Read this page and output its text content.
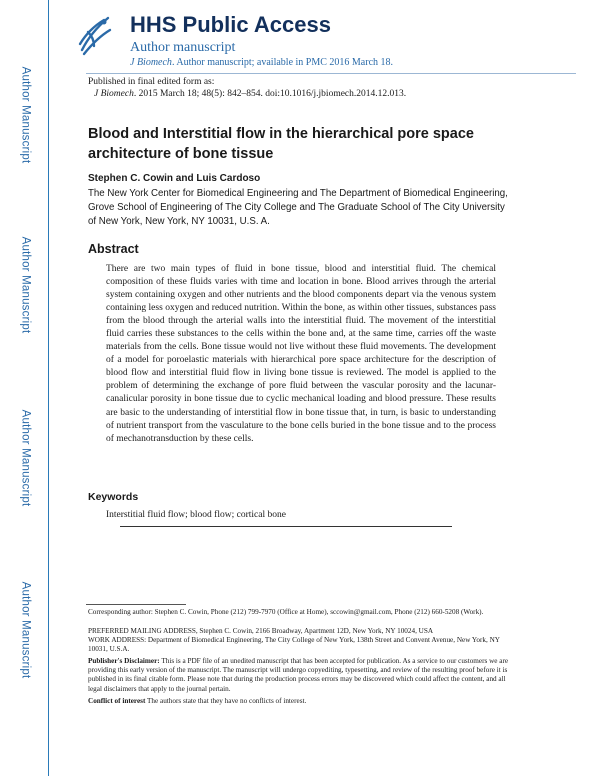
Author Manuscript
Author Manuscript
Author Manuscript
Author Manuscript
HHS Public Access
Author manuscript
J Biomech. Author manuscript; available in PMC 2016 March 18.
Published in final edited form as:
J Biomech. 2015 March 18; 48(5): 842–854. doi:10.1016/j.jbiomech.2014.12.013.
Blood and Interstitial flow in the hierarchical pore space architecture of bone tissue
Stephen C. Cowin and Luis Cardoso
The New York Center for Biomedical Engineering and The Department of Biomedical Engineering, Grove School of Engineering of The City College and The Graduate School of The City University of New York, New York, NY 10031, U.S. A.
Abstract
There are two main types of fluid in bone tissue, blood and interstitial fluid. The chemical composition of these fluids varies with time and location in bone. Blood arrives through the arterial system containing oxygen and other nutrients and the blood components depart via the venous system containing less oxygen and reduced nutrition. Within the bone, as within other tissues, substances pass from the blood through the arterial walls into the interstitial fluid. The movement of the interstitial fluid carries these substances to the cells within the bone and, at the same time, carries off the waste materials from the cells. Bone tissue would not live without these fluid movements. The development of a model for poroelastic materials with hierarchical pore space architecture for the description of blood flow and interstitial fluid flow in living bone tissue is reviewed. The model is applied to the problem of determining the exchange of pore fluid between the vascular porosity and the lacunar-canalicular porosity in bone tissue due to cyclic mechanical loading and blood pressure. These results are basic to the understanding of interstitial flow in bone tissue that, in turn, is basic to understanding of nutrient transport from the vasculature to the bone cells buried in the bone tissue and to the process of mechanotransduction by these cells.
Keywords
Interstitial fluid flow; blood flow; cortical bone
Corresponding author: Stephen C. Cowin, Phone (212) 799-7970 (Office at Home), sccowin@gmail.com, Phone (212) 660-5208 (Work).
PREFERRED MAILING ADDRESS, Stephen C. Cowin, 2166 Broadway, Apartment 12D, New York, NY 10024, USA
WORK ADDRESS: Department of Biomedical Engineering, The City College of New York, 138th Street and Convent Avenue, New York, NY 10031, U.S.A.
Publisher's Disclaimer: This is a PDF file of an unedited manuscript that has been accepted for publication. As a service to our customers we are providing this early version of the manuscript. The manuscript will undergo copyediting, typesetting, and review of the resulting proof before it is published in its final citable form. Please note that during the production process errors may be discovered which could affect the content, and all legal disclaimers that apply to the journal pertain.
Conflict of interest The authors state that they have no conflicts of interest.
